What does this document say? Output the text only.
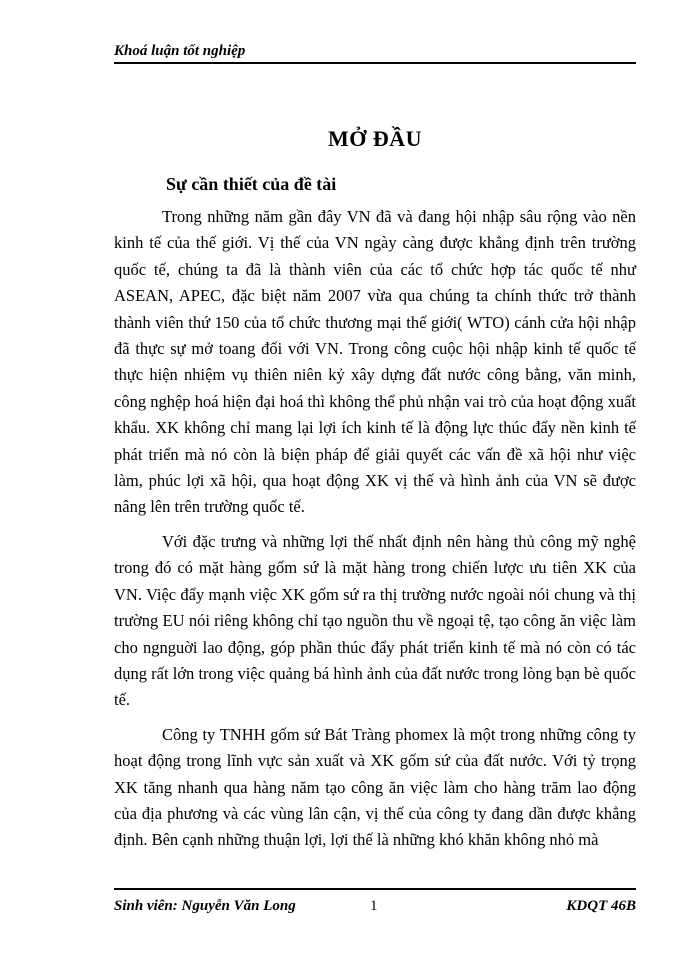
Khoá luận tốt nghiệp
MỞ ĐẦU
Sự cần thiết của đề tài

Trong những năm gần đây VN đã và đang hội nhập sâu rộng vào nền kinh tế của thế giới. Vị thế của VN ngày càng được khẳng định trên trường quốc tế, chúng ta đã là thành viên của các tổ chức hợp tác quốc tế như ASEAN, APEC, đặc biệt năm 2007 vừa qua chúng ta chính thức trở thành thành viên thứ 150 của tổ chức thương mại thế giới( WTO) cánh cửa hội nhập đã thực sự mở toang đối với VN. Trong công cuộc hội nhập kinh tế quốc tế thực hiện nhiệm vụ thiên niên kỷ xây dựng đất nước công bằng, văn minh, công nghệp hoá hiện đại hoá thì không thể phủ nhận vai trò của hoạt động xuất khẩu. XK không chỉ mang lại lợi ích kinh tế là động lực thúc đẩy nền kinh tế phát triển mà nó còn là biện pháp để giải quyết các vấn đề xã hội như việc làm, phúc lợi xã hội, qua hoạt động XK vị thế và hình ảnh của VN sẽ được nâng lên trên trường quốc tế.

Với đặc trưng và những lợi thế nhất định nên hàng thủ công mỹ nghệ trong đó có mặt hàng gốm sứ là mặt hàng trong chiến lược ưu tiên XK của VN. Việc đẩy mạnh việc XK gốm sứ ra thị trường nước ngoài nói chung và thị trường EU nói riêng không chỉ tạo nguồn thu về ngoại tệ, tạo công ăn việc làm cho ngnguời lao động, góp phần thúc đẩy phát triển kinh tế mà nó còn có tác dụng rất lớn trong việc quảng bá hình ảnh của đất nước trong lòng bạn bè quốc tế.

Công ty TNHH gốm sứ Bát Tràng phomex là một trong những công ty hoạt động trong lĩnh vực sản xuất và XK gốm sứ của đất nước. Với tỷ trọng XK tăng nhanh qua hàng năm tạo công ăn việc làm cho hàng trăm lao động của địa phương và các vùng lân cận, vị thế của công ty đang dần được khẳng định. Bên cạnh những thuận lợi, lợi thế là những khó khăn không nhỏ mà

Sinh viên: Nguyễn Văn Long	1	KDQT 46B
